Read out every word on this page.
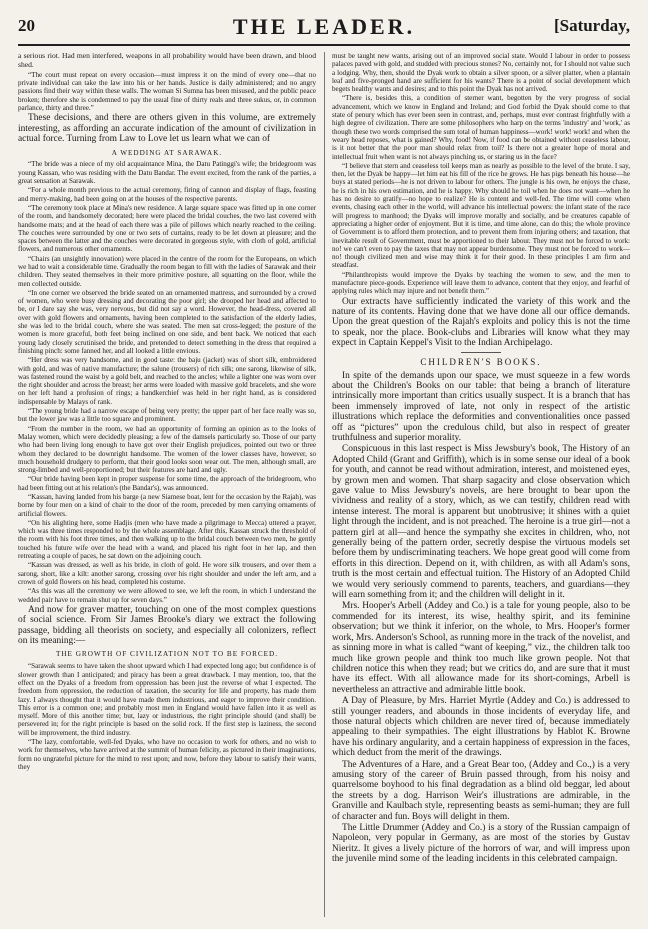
20	THE LEADER.	[Saturday,

a serious riot. Had men interfered, weapons in all probability would have been drawn, and blood shed.

“The court must repeat on every occasion—must impress it on the mind of every one—that no private individual can take the law into his or her hands. Justice is daily administered; and no angry passions find their way within these walls. The woman Si Sumna has been misused, and the public peace broken; therefore she is condemned to pay the usual fine of thirty reals and three sukus, or, in common parlance, thirty and three.”

These decisions, and there are others given in this volume, are extremely interesting, as affording an accurate indication of the amount of civilization in actual force. Turning from Law to Love let us learn what we can of

A WEDDING AT SARAWAK.

“The bride was a niece of my old acquaintance Mina, the Datu Patinggi's wife; the bridegroom was young Kassan, who was residing with the Datu Bandar. The event excited, from the rank of the parties, a great sensation at Sarawak.

“For a whole month previous to the actual ceremony, firing of cannon and display of flags, feasting and merry-making, had been going on at the houses of the respective parents.

“The ceremony took place at Mina's new residence. A large square space was fitted up in one corner of the room, and handsomely decorated; here were placed the bridal couches, the two last covered with handsome mats; and at the head of each there was a pile of pillows which nearly reached to the ceiling. The couches were surrounded by one or two sets of curtains, ready to be let down at pleasure; and the spaces between the latter and the couches were decorated in gorgeous style, with cloth of gold, artificial flowers, and numerous other ornaments.

“Chairs (an unsightly innovation) were placed in the centre of the room for the Europeans, on which we had to wait a considerable time. Gradually the room began to fill with the ladies of Sarawak and their children. They seated themselves in their more primitive posture, all squatting on the floor, while the men collected outside.

“In one corner we observed the bride seated on an ornamented mattress, and surrounded by a crowd of women, who were busy dressing and decorating the poor girl; she drooped her head and affected to be, or I dare say she was, very nervous, but did not say a word. However, the head-dress, covered all over with gold flowers and ornaments, having been completed to the satisfaction of the elderly ladies, she was led to the bridal couch, where she was seated. The men sat cross-legged; the posture of the women is more graceful, both feet being inclined on one side, and bent back. We noticed that each young lady closely scrutinised the bride, and pretended to detect something in the dress that required a finishing pinch: some fanned her, and all looked a little envious.

“Her dress was very handsome, and in good taste: the baju (jacket) was of short silk, embroidered with gold, and was of native manufacture; the salune (trousers) of rich silk; one sarong, likewise of silk, was fastened round the waist by a gold belt, and reached to the ancles; while a lighter one was worn over the right shoulder and across the breast; her arms were loaded with massive gold bracelets, and she wore on her left hand a profusion of rings; a handkerchief was held in her right hand, as is considered indispensable by Malays of rank.

“The young bride had a narrow escape of being very pretty; the upper part of her face really was so, but the lower jaw was a little too square and prominent.

“From the number in the room, we had an opportunity of forming an opinion as to the looks of Malay women, which were decidedly pleasing; a few of the damsels particularly so. Those of our party who had been living long enough to have got over their English prejudices, pointed out two or three whom they declared to be downright handsome. The women of the lower classes have, however, so much household drudgery to perform, that their good looks soon wear out. The men, although small, are strong-limbed and well-proportioned; but their features are hard and ugly.

“Our bride having been kept in proper suspense for some time, the approach of the bridegroom, who had been fitting out at his relation's (the Bandar's), was announced.

“Kassan, having landed from his barge (a new Siamese boat, lent for the occasion by the Rajah), was borne by four men on a kind of chair to the door of the room, preceded by men carrying ornaments of artificial flowers.

“On his alighting here, some Hadjis (men who have made a pilgrimage to Mecca) uttered a prayer, which was three times responded to by the whole assemblage. After this, Kassan struck the threshold of the room with his foot three times, and then walking up to the bridal couch between two men, he gently touched his future wife over the head with a wand, and placed his right foot in her lap, and then retreating a couple of paces, he sat down on the adjoining couch.

“Kassan was dressed, as well as his bride, in cloth of gold. He wore silk trousers, and over them a sarong, short, like a kilt: another sarong, crossing over his right shoulder and under the left arm, and a crown of gold flowers on his head, completed his costume.

“As this was all the ceremony we were allowed to see, we left the room, in which I understand the wedded pair have to remain shut up for seven days.”

And now for graver matter, touching on one of the most complex questions of social science. From Sir James Brooke's diary we extract the following passage, bidding all theorists on society, and especially all colonizers, reflect on its meaning:—

THE GROWTH OF CIVILIZATION NOT TO BE FORCED.

“Sarawak seems to have taken the shoot upward which I had expected long ago; but confidence is of slower growth than I anticipated; and piracy has been a great drawback. I may mention, too, that the effect on the Dyaks of a freedom from oppression has been just the reverse of what I expected. The freedom from oppression, the reduction of taxation, the security for life and property, has made them lazy. I always thought that it would have made them industrious, and eager to improve their condition. This error is a common one; and probably most men in England would have fallen into it as well as myself. More of this another time; but, lazy or industrious, the right principle should (and shall) be persevered in; for the right principle is based on the solid rock. If the first step is laziness, the second will be improvement, the third industry.

“The lazy, comfortable, well-fed Dyaks, who have no occasion to work for others, and no wish to work for themselves, who have arrived at the summit of human felicity, as pictured in their imaginations, form no ungrateful picture for the mind to rest upon; and now, before they labour to satisfy their wants, they

must be taught new wants, arising out of an improved social state. Would I labour in order to possess palaces paved with gold, and studded with precious stones? No, certainly not, for I should not value such a lodging. Why, then, should the Dyak work to obtain a silver spoon, or a silver platter, when a plantain leaf and five-pronged hand are sufficient for his wants? There is a point of social development which begets healthy wants and desires; and to this point the Dyak has not arrived.

“There is, besides this, a condition of sterner want, begotten by the very progress of social advancement, which we know in England and Ireland; and God forbid the Dyak should come to that state of penury which has ever been seen in contrast, and, perhaps, must ever contrast frightfully with a high degree of civilization. There are some philosophers who harp on the terms 'industry' and 'work,' as though these two words comprised the sum total of human happiness—work! work! work! and when the weary head reposes, what is gained? Why, food! Now, if food can be obtained without ceaseless labour, is it not better that the poor man should relax from toil? Is there not a greater hope of moral and intellectual fruit when want is not always pinching us, or staring us in the face?

“I believe that stern and ceaseless toil keeps man as nearly as possible to the level of the brute. I say, then, let the Dyak be happy—let him eat his fill of the rice he grows. He has pigs beneath his house—he buys at stated periods—he is not driven to labour for others. The jungle is his own, he enjoys the chase, he is rich in his own estimation, and he is happy. Why should he toil when he does not want—when he has no desire to gratify—no hope to realize? He is content and well-fed. The time will come when events, chasing each other in the world, will advance his intellectual powers: the infant state of the race will progress to manhood; the Dyaks will improve morally and socially, and be creatures capable of appreciating a higher order of enjoyment. But it is time, and time alone, can do this; the whole province of Government is to afford them protection, and to prevent them from injuring others; and taxation, that inevitable result of Government, must be apportioned to their labour. They must not be forced to work: no! we can't even to pay the taxes that may not appear burdensome. They must not be forced to work—no! though civilized men and wise may think it for their good. In these principles I am firm and steadfast.

“Philanthropists would improve the Dyaks by teaching the women to sew, and the men to manufacture piece-goods. Experience will leave them to advance, content that they enjoy, and fearful of applying rules which may injure and not benefit them.”

Our extracts have sufficiently indicated the variety of this work and the nature of its contents. Having done that we have done all our office demands. Upon the great question of the Rajah's exploits and policy this is not the time to speak, nor the place. Book-clubs and Libraries will know what they may expect in Captain Keppel's Visit to the Indian Archipelago.

CHILDREN'S BOOKS.

In spite of the demands upon our space, we must squeeze in a few words about the Children's Books on our table: that being a branch of literature intrinsically more important than critics usually suspect. It is a branch that has been immensely improved of late, not only in respect of the artistic illustrations which replace the deformities and conventionalities once passed off as “pictures” upon the credulous child, but also in respect of greater truthfulness and superior morality.

Conspicuous in this last respect is Miss Jewsbury's book, The History of an Adopted Child (Grant and Griffith), which is in some sense our ideal of a book for youth, and cannot be read without admiration, interest, and moistened eyes, by grown men and women. That sharp sagacity and close observation which gave value to Miss Jewsbury's novels, are here brought to bear upon the vividness and reality of a story, which, as we can testify, children read with intense interest. The moral is apparent but unobtrusive; it shines with a quiet light through the incident, and is not preached. The heroine is a true girl—not a pattern girl at all—and hence the sympathy she excites in children, who, not generally being of the pattern order, secretly despise the virtuous models set before them by undiscriminating teachers. We hope great good will come from efforts in this direction. Depend on it, with children, as with all Adam's sons, truth is the most certain and effectual tuition. The History of an Adopted Child we would very seriously commend to parents, teachers, and guardians—they will earn something from it; and the children will delight in it.

Mrs. Hooper's Arbell (Addey and Co.) is a tale for young people, also to be commended for its interest, its wise, healthy spirit, and its feminine observation; but we think it inferior, on the whole, to Mrs. Hooper's former work, Mrs. Anderson's School, as running more in the track of the novelist, and as sinning more in what is called “want of keeping,” viz., the children talk too much like grown people and think too much like grown people. Not that children notice this when they read; but we critics do, and are sure that it must have its effect. With all allowance made for its short-comings, Arbell is nevertheless an attractive and admirable little book.

A Day of Pleasure, by Mrs. Harriet Myrtle (Addey and Co.) is addressed to still younger readers, and abounds in those incidents of everyday life, and those natural objects which children are never tired of, because immediately appealing to their sympathies. The eight illustrations by Hablot K. Browne have his ordinary angularity, and a certain happiness of expression in the faces, which deduct from the merit of the drawings.

The Adventures of a Hare, and a Great Bear too, (Addey and Co.,) is a very amusing story of the career of Bruin passed through, from his noisy and quarrelsome boyhood to his final degradation as a blind old beggar, led about the streets by a dog. Harrison Weir's illustrations are admirable, in the Granville and Kaulbach style, representing beasts as semi-human; they are full of character and fun. Boys will delight in them.

The Little Drummer (Addey and Co.) is a story of the Russian campaign of Napoleon, very popular in Germany, as are most of the stories by Gustav Nieritz. It gives a lively picture of the horrors of war, and will impress upon the juvenile mind some of the leading incidents in this celebrated campaign.
